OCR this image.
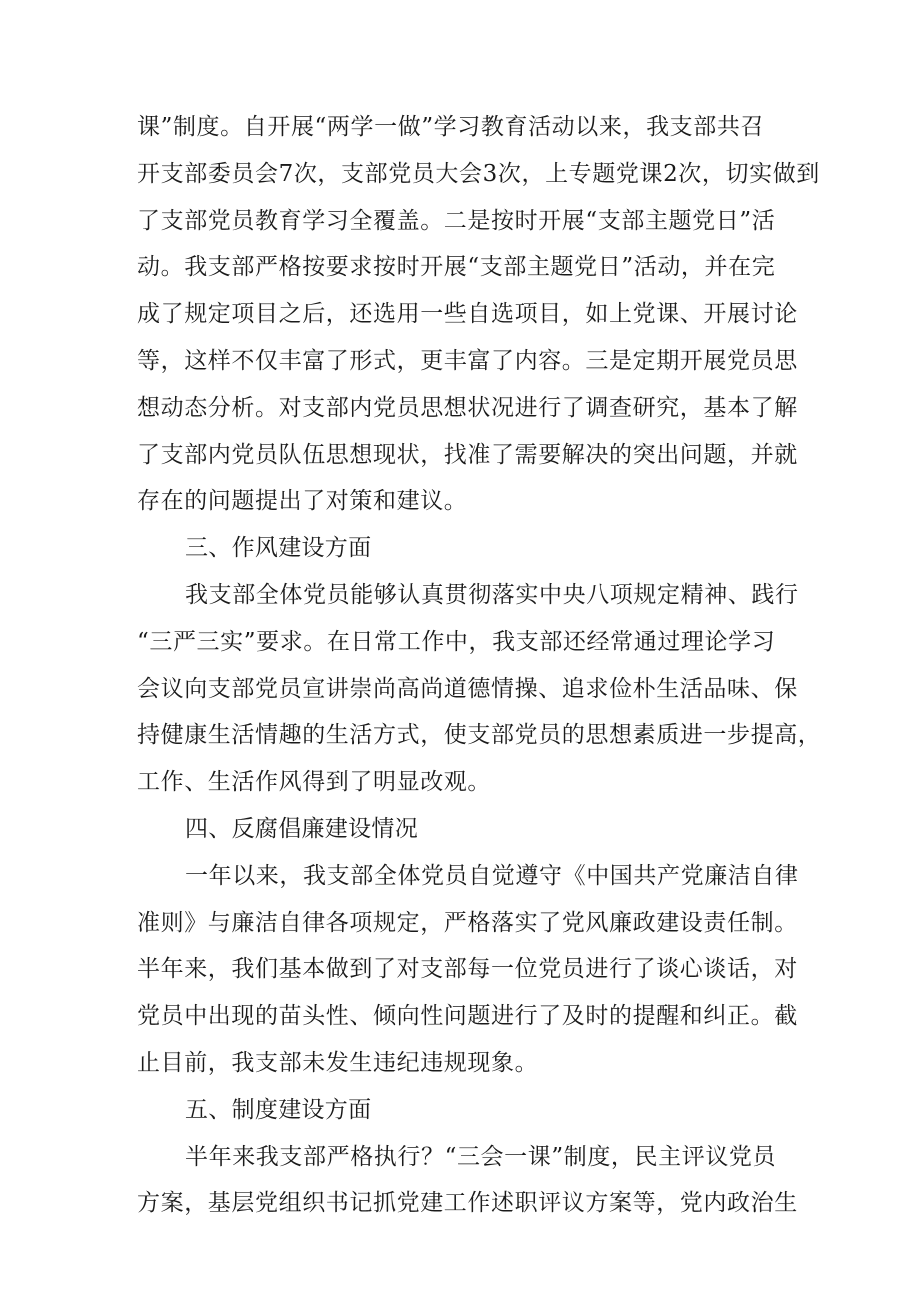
课”制度。自开展“两学一做”学习教育活动以来，我支部共召
开支部委员会7次，支部党员大会3次，上专题党课2次，切实做到
了支部党员教育学习全覆盖。二是按时开展“支部主题党日”活
动。我支部严格按要求按时开展“支部主题党日”活动，并在完
成了规定项目之后，还选用一些自选项目，如上党课、开展讨论
等，这样不仅丰富了形式，更丰富了内容。三是定期开展党员思
想动态分析。对支部内党员思想状况进行了调查研究，基本了解
了支部内党员队伍思想现状，找准了需要解决的突出问题，并就
存在的问题提出了对策和建议。
三、作风建设方面
我支部全体党员能够认真贯彻落实中央八项规定精神、践行
“三严三实”要求。在日常工作中，我支部还经常通过理论学习
会议向支部党员宣讲崇尚高尚道德情操、追求俭朴生活品味、保
持健康生活情趣的生活方式，使支部党员的思想素质进一步提高，
工作、生活作风得到了明显改观。
四、反腐倡廉建设情况
一年以来，我支部全体党员自觉遵守《中国共产党廉洁自律
准则》与廉洁自律各项规定，严格落实了党风廉政建设责任制。
半年来，我们基本做到了对支部每一位党员进行了谈心谈话，对
党员中出现的苗头性、倾向性问题进行了及时的提醒和纠正。截
止目前，我支部未发生违纪违规现象。
五、制度建设方面
半年来我支部严格执行？“三会一课”制度，民主评议党员
方案，基层党组织书记抓党建工作述职评议方案等，党内政治生
